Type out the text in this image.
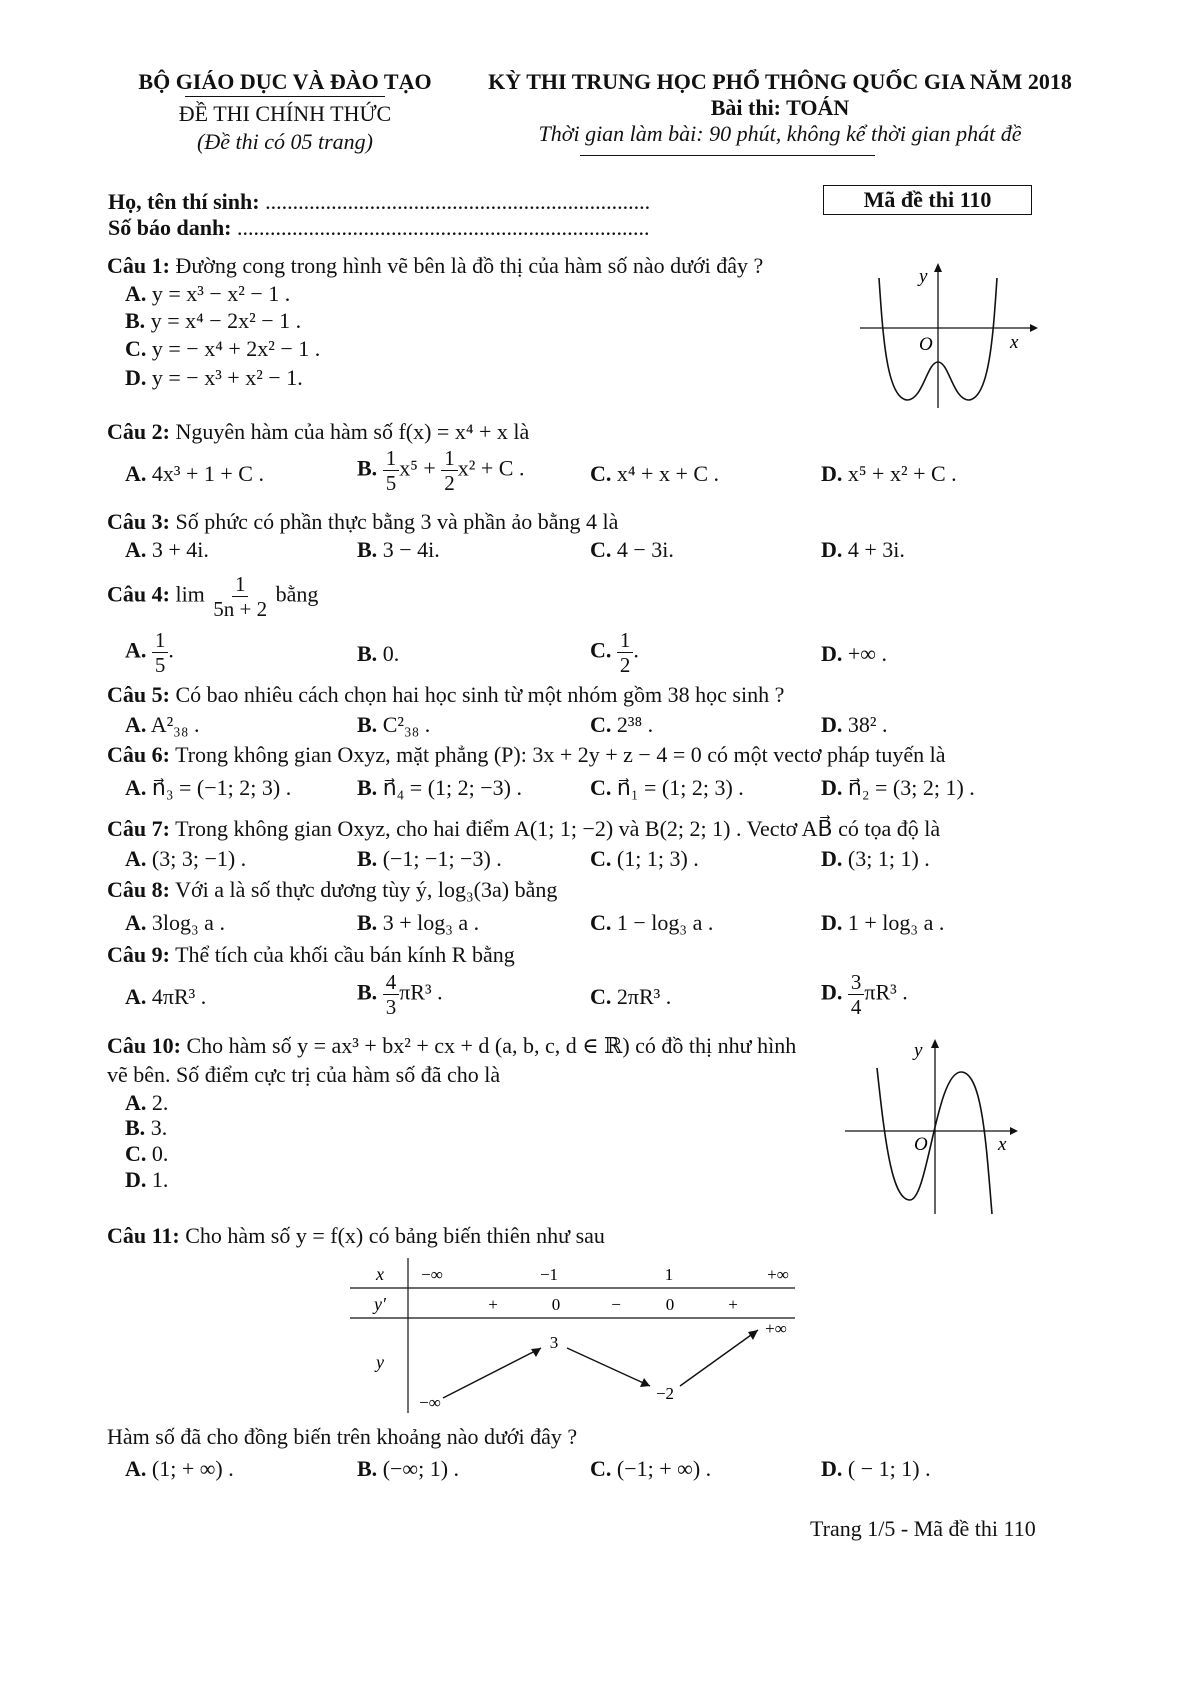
BỘ GIÁO DỤC VÀ ĐÀO TẠO
ĐỀ THI CHÍNH THỨC
(Đề thi có 05 trang)
KỲ THI TRUNG HỌC PHỔ THÔNG QUỐC GIA NĂM 2018
Bài thi: TOÁN
Thời gian làm bài: 90 phút, không kể thời gian phát đề
Họ, tên thí sinh: ......................................................................
Số báo danh: ...........................................................................
Mã đề thi 110
Câu 1: Đường cong trong hình vẽ bên là đồ thị của hàm số nào dưới đây ?
A. y = x³ − x² − 1 .
B. y = x⁴ − 2x² − 1 .
C. y = − x⁴ + 2x² − 1 .
D. y = − x³ + x² − 1.
y
x
O
Câu 2: Nguyên hàm của hàm số f(x) = x⁴ + x là
A. 4x³ + 1 + C .	B. $\frac{1}{5} x^5 + \frac{1}{2} x^2 + C$ .	C. x⁴ + x + C .	D. x⁵ + x² + C .
Câu 3: Số phức có phần thực bằng 3 và phần ảo bằng 4 là
A. 3 + 4i.	B. 3 − 4i.	C. 4 − 3i.	D. 4 + 3i.
Câu 4: $\lim \frac{1}{5n + 2}$ bằng
A. $\frac{1}{5}$ .	B. 0.	C. $\frac{1}{2}$ .	D. +∞ .
Câu 5: Có bao nhiêu cách chọn hai học sinh từ một nhóm gồm 38 học sinh ?
A. A²₃₈ .	B. C²₃₈ .	C. 2³⁸ .	D. 38² .
Câu 6: Trong không gian Oxyz, mặt phẳng (P): 3x + 2y + z − 4 = 0 có một vectơ pháp tuyến là
A. n⃗₃ = (−1; 2; 3) .	B. n⃗₄ = (1; 2; −3) .	C. n⃗₁ = (1; 2; 3) .	D. n⃗₂ = (3; 2; 1) .
Câu 7: Trong không gian Oxyz, cho hai điểm A(1; 1; −2) và B(2; 2; 1) . Vectơ AB⃗ có tọa độ là
A. (3; 3; −1) .	B. (−1; −1; −3) .	C. (1; 1; 3) .	D. (3; 1; 1) .
Câu 8: Với a là số thực dương tùy ý, log₃(3a) bằng
A. 3log₃ a .	B. 3 + log₃ a .	C. 1 − log₃ a .	D. 1 + log₃ a .
Câu 9: Thể tích của khối cầu bán kính R bằng
A. 4πR³ .	B. $\frac{4}{3} \pi R^3$ .	C. 2πR³ .	D. $\frac{3}{4} \pi R^3$ .
Câu 10: Cho hàm số y = ax³ + bx² + cx + d (a, b, c, d ∈ ℝ) có đồ thị như hình
vẽ bên. Số điểm cực trị của hàm số đã cho là
A. 2.
B. 3.
C. 0.
D. 1.
y
x
O
Câu 11: Cho hàm số y = f(x) có bảng biến thiên như sau
x −∞	−1	1	+∞
y′	+	0	−	0	+
y
−∞
3
−2
+∞
Hàm số đã cho đồng biến trên khoảng nào dưới đây ?
A. (1; + ∞) .	B. (−∞; 1) .	C. (−1; + ∞) .	D. ( − 1; 1) .
Trang 1/5 - Mã đề thi 110
